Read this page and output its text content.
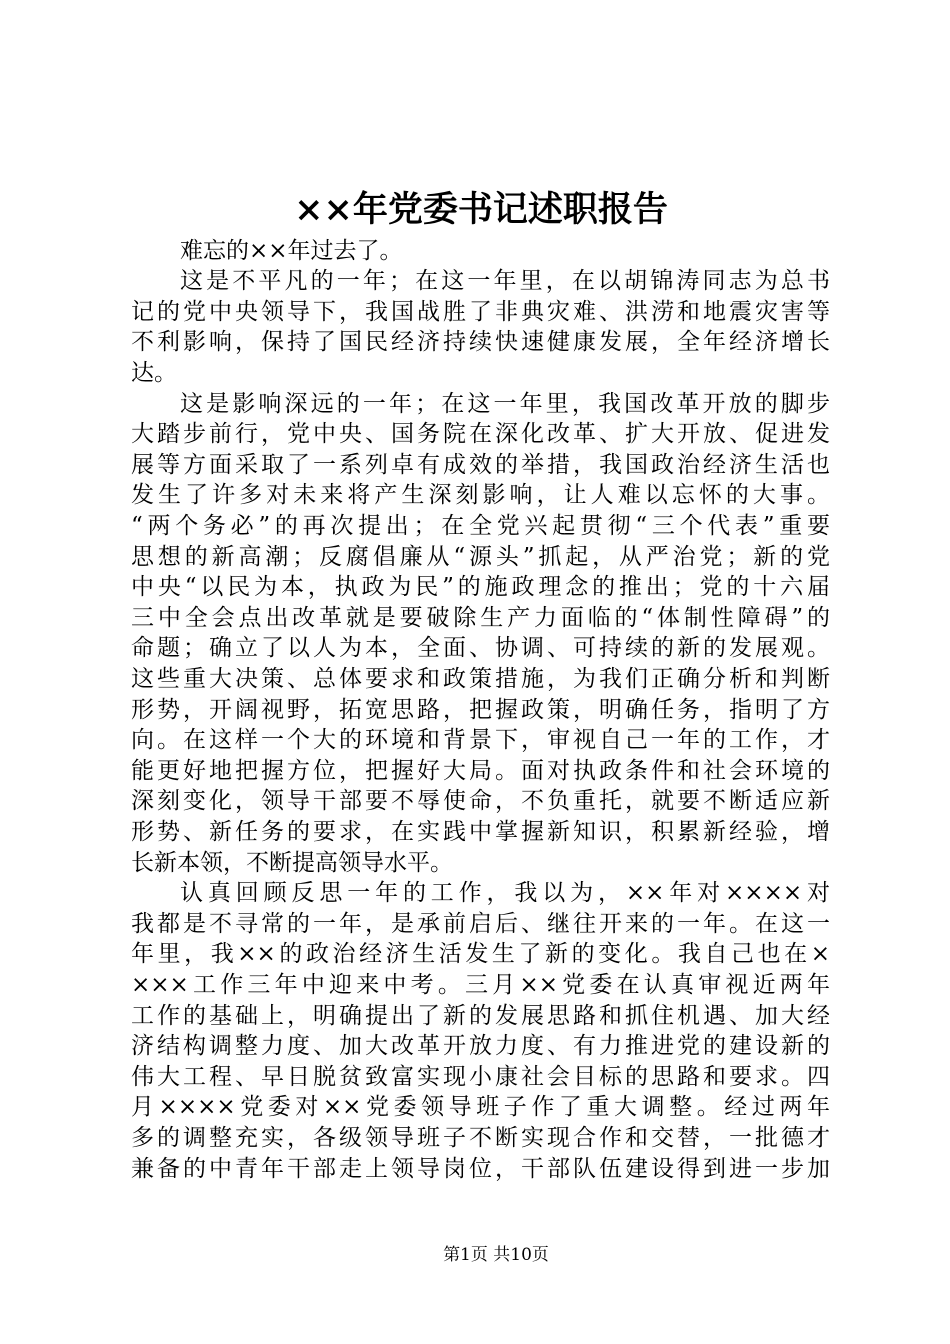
××年党委书记述职报告
难忘的××年过去了。
这是不平凡的一年；在这一年里，在以胡锦涛同志为总书
记的党中央领导下，我国战胜了非典灾难、洪涝和地震灾害等
不利影响，保持了国民经济持续快速健康发展，全年经济增长
达。
这是影响深远的一年；在这一年里，我国改革开放的脚步
大踏步前行，党中央、国务院在深化改革、扩大开放、促进发
展等方面采取了一系列卓有成效的举措，我国政治经济生活也
发生了许多对未来将产生深刻影响，让人难以忘怀的大事。
“两个务必”的再次提出；在全党兴起贯彻“三个代表”重要
思想的新高潮；反腐倡廉从“源头”抓起，从严治党；新的党
中央“以民为本，执政为民”的施政理念的推出；党的十六届
三中全会点出改革就是要破除生产力面临的“体制性障碍”的
命题；确立了以人为本，全面、协调、可持续的新的发展观。
这些重大决策、总体要求和政策措施，为我们正确分析和判断
形势，开阔视野，拓宽思路，把握政策，明确任务，指明了方
向。在这样一个大的环境和背景下，审视自己一年的工作，才
能更好地把握方位，把握好大局。面对执政条件和社会环境的
深刻变化，领导干部要不辱使命，不负重托，就要不断适应新
形势、新任务的要求，在实践中掌握新知识，积累新经验，增
长新本领，不断提高领导水平。
认真回顾反思一年的工作，我以为，××年对××××对
我都是不寻常的一年，是承前启后、继往开来的一年。在这一
年里，我××的政治经济生活发生了新的变化。我自己也在×
×××工作三年中迎来中考。三月××党委在认真审视近两年
工作的基础上，明确提出了新的发展思路和抓住机遇、加大经
济结构调整力度、加大改革开放力度、有力推进党的建设新的
伟大工程、早日脱贫致富实现小康社会目标的思路和要求。四
月××××党委对××党委领导班子作了重大调整。经过两年
多的调整充实，各级领导班子不断实现合作和交替，一批德才
兼备的中青年干部走上领导岗位，干部队伍建设得到进一步加
第1页 共10页
